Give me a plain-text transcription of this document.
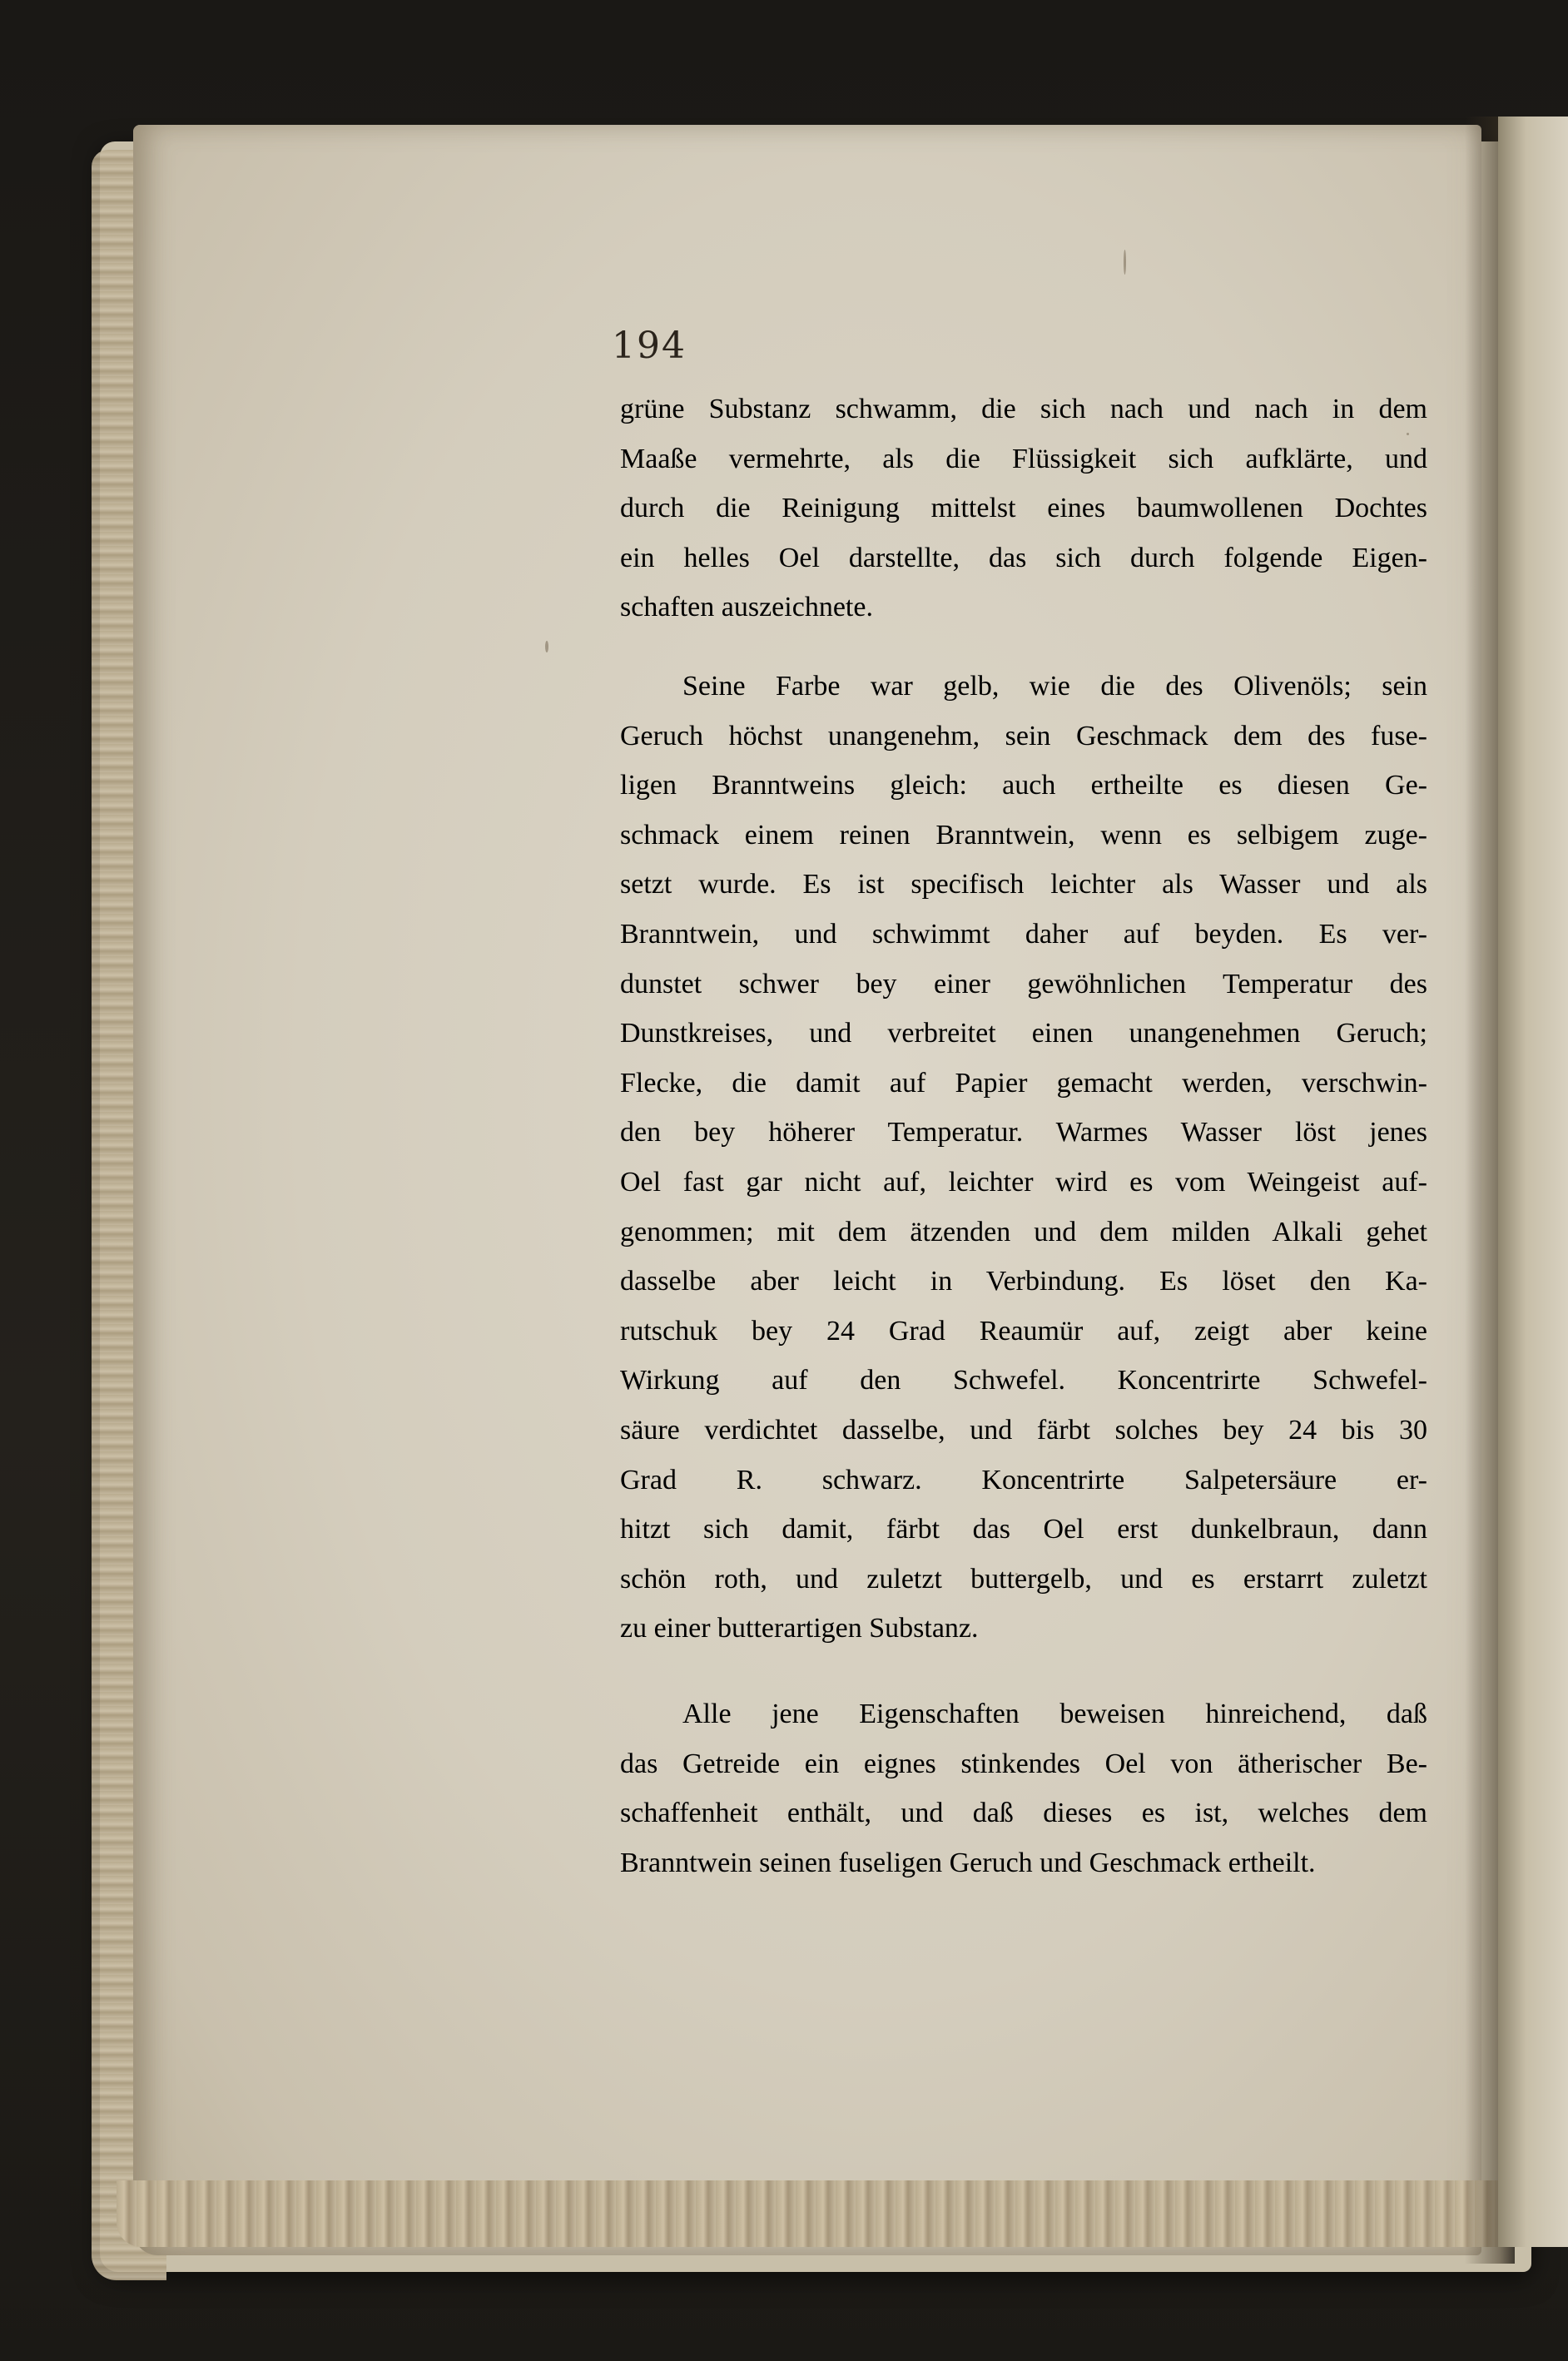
194
grüne Substanz schwamm, die sich nach und nach in dem
Maaße vermehrte, als die Flüssigkeit sich aufklärte, und
durch die Reinigung mittelst eines baumwollenen Dochtes
ein helles Oel darstellte, das sich durch folgende Eigen-
schaften auszeichnete.
Seine Farbe war gelb, wie die des Olivenöls; sein
Geruch höchst unangenehm, sein Geschmack dem des fuse-
ligen Branntweins gleich: auch ertheilte es diesen Ge-
schmack einem reinen Branntwein, wenn es selbigem zuge-
setzt wurde. Es ist specifisch leichter als Wasser und als
Branntwein, und schwimmt daher auf beyden. Es ver-
dunstet schwer bey einer gewöhnlichen Temperatur des
Dunstkreises, und verbreitet einen unangenehmen Geruch;
Flecke, die damit auf Papier gemacht werden, verschwin-
den bey höherer Temperatur. Warmes Wasser löst jenes
Oel fast gar nicht auf, leichter wird es vom Weingeist auf-
genommen; mit dem ätzenden und dem milden Alkali gehet
dasselbe aber leicht in Verbindung. Es löset den Ka-
rutschuk bey 24 Grad Reaumür auf, zeigt aber keine
Wirkung auf den Schwefel. Koncentrirte Schwefel-
säure verdichtet dasselbe, und färbt solches bey 24 bis 30
Grad R. schwarz. Koncentrirte Salpetersäure er-
hitzt sich damit, färbt das Oel erst dunkelbraun, dann
schön roth, und zuletzt buttergelb, und es erstarrt zuletzt
zu einer butterartigen Substanz.
Alle jene Eigenschaften beweisen hinreichend, daß
das Getreide ein eignes stinkendes Oel von ätherischer Be-
schaffenheit enthält, und daß dieses es ist, welches dem
Branntwein seinen fuseligen Geruch und Geschmack ertheilt.
